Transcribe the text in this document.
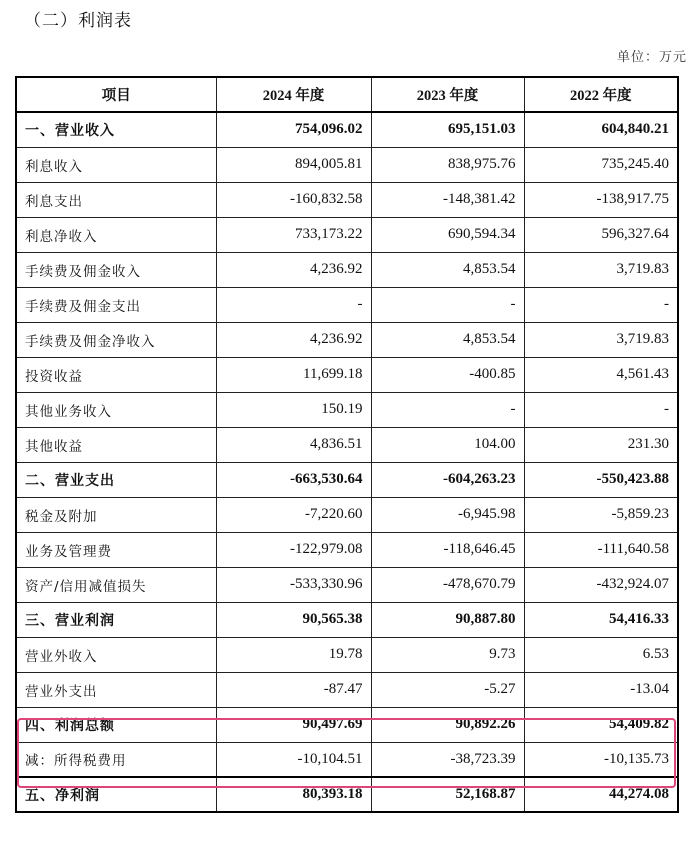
（二）利润表
单位：万元
项目	2024 年度	2023 年度	2022 年度
一、营业收入	754,096.02	695,151.03	604,840.21
利息收入	894,005.81	838,975.76	735,245.40
利息支出	-160,832.58	-148,381.42	-138,917.75
利息净收入	733,173.22	690,594.34	596,327.64
手续费及佣金收入	4,236.92	4,853.54	3,719.83
手续费及佣金支出	-	-	-
手续费及佣金净收入	4,236.92	4,853.54	3,719.83
投资收益	11,699.18	-400.85	4,561.43
其他业务收入	150.19	-	-
其他收益	4,836.51	104.00	231.30
二、营业支出	-663,530.64	-604,263.23	-550,423.88
税金及附加	-7,220.60	-6,945.98	-5,859.23
业务及管理费	-122,979.08	-118,646.45	-111,640.58
资产/信用减值损失	-533,330.96	-478,670.79	-432,924.07
三、营业利润	90,565.38	90,887.80	54,416.33
营业外收入	19.78	9.73	6.53
营业外支出	-87.47	-5.27	-13.04
四、利润总额	90,497.69	90,892.26	54,409.82
减：所得税费用	-10,104.51	-38,723.39	-10,135.73
五、净利润	80,393.18	52,168.87	44,274.08
